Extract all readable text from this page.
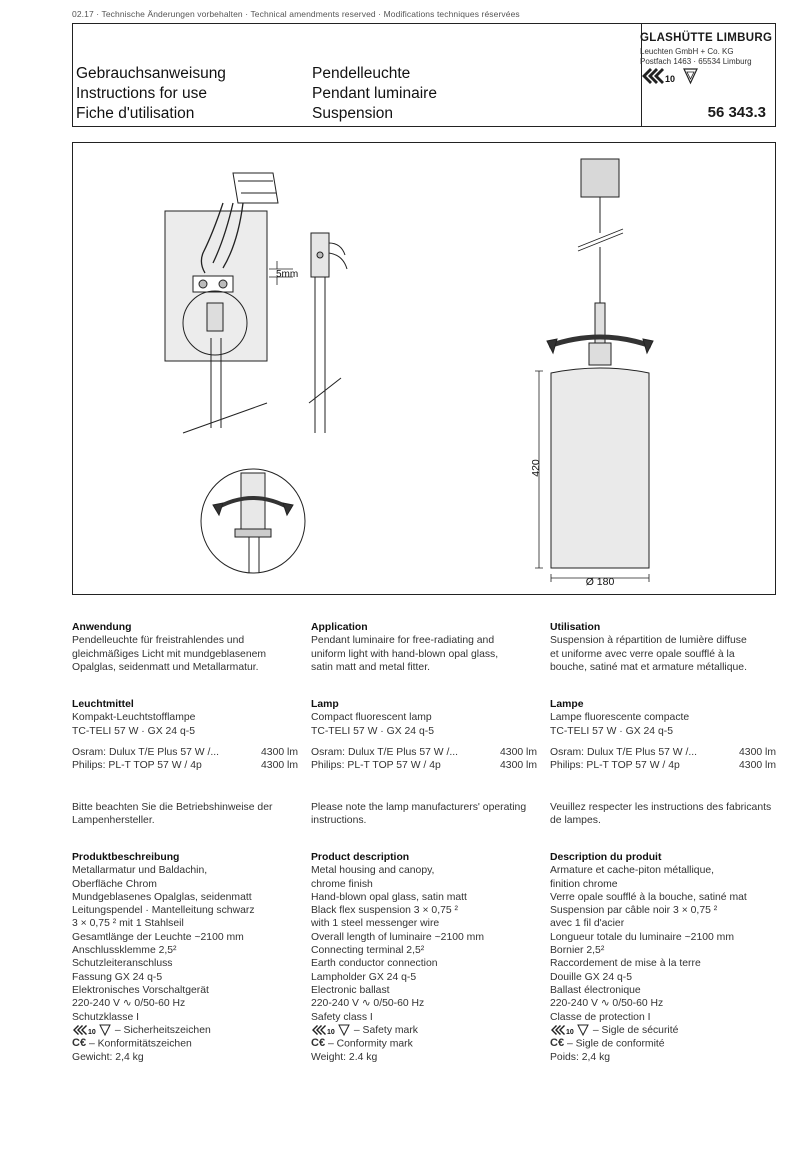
02.17 · Technische Änderungen vorbehalten · Technical amendments reserved · Modifications techniques réservées
Gebrauchsanweisung
Instructions for use
Fiche d'utilisation
Pendelleuchte
Pendant luminaire
Suspension
GLASHÜTTE LIMBURG
Leuchten GmbH + Co. KG
Postfach 1463 · 65534 Limburg
10
56 343.3
5mm
420
Ø 180
Anwendung
Pendelleuchte für freistrahlendes und
gleichmäßiges Licht mit mundgeblasenem
Opalglas, seidenmatt und Metallarmatur.
Application
Pendant luminaire for free-radiating and
uniform light with hand-blown opal glass,
satin matt and metal fitter.
Utilisation
Suspension à répartition de lumière diffuse
et uniforme avec verre opale soufflé à la
bouche, satiné mat et armature métallique.
Leuchtmittel
Kompakt-Leuchtstofflampe
TC-TELI 57 W · GX 24 q-5
Osram: Dulux T/E Plus 57 W /...	4300 lm
Philips: PL-T TOP 57 W / 4p	4300 lm
Lamp
Compact fluorescent lamp
TC-TELI 57 W · GX 24 q-5
Osram: Dulux T/E Plus 57 W /...	4300 lm
Philips: PL-T TOP 57 W / 4p	4300 lm
Lampe
Lampe fluorescente compacte
TC-TELI 57 W · GX 24 q-5
Osram: Dulux T/E Plus 57 W /...	4300 lm
Philips: PL-T TOP 57 W / 4p	4300 lm
Bitte beachten Sie die Betriebshinweise der
Lampenhersteller.
Please note the lamp manufacturers' operating
instructions.
Veuillez respecter les instructions des fabricants
de lampes.
Produktbeschreibung
Metallarmatur und Baldachin,
Oberfläche Chrom
Mundgeblasenes Opalglas, seidenmatt
Leitungspendel · Mantelleitung schwarz
3 × 0,75 ² mit 1 Stahlseil
Gesamtlänge der Leuchte ~2100 mm
Anschlussklemme 2,5²
Schutzleiteranschluss
Fassung GX 24 q-5
Elektronisches Vorschaltgerät
220-240 V ∿ 0/50-60 Hz
Schutzklasse I
10 – Sicherheitszeichen
C€ – Konformitätszeichen
Gewicht: 2,4 kg
Product description
Metal housing and canopy,
chrome finish
Hand-blown opal glass, satin matt
Black flex suspension 3 × 0,75 ²
with 1 steel messenger wire
Overall length of luminaire ~2100 mm
Connecting terminal 2,5²
Earth conductor connection
Lampholder GX 24 q-5
Electronic ballast
220-240 V ∿ 0/50-60 Hz
Safety class I
10 – Safety mark
C€ – Conformity mark
Weight: 2.4 kg
Description du produit
Armature et cache-piton métallique,
finition chrome
Verre opale soufflé à la bouche, satiné mat
Suspension par câble noir 3 × 0,75 ²
avec 1 fil d'acier
Longueur totale du luminaire ~2100 mm
Bornier 2,5²
Raccordement de mise à la terre
Douille GX 24 q-5
Ballast électronique
220-240 V ∿ 0/50-60 Hz
Classe de protection I
10 – Sigle de sécurité
C€ – Sigle de conformité
Poids: 2,4 kg
